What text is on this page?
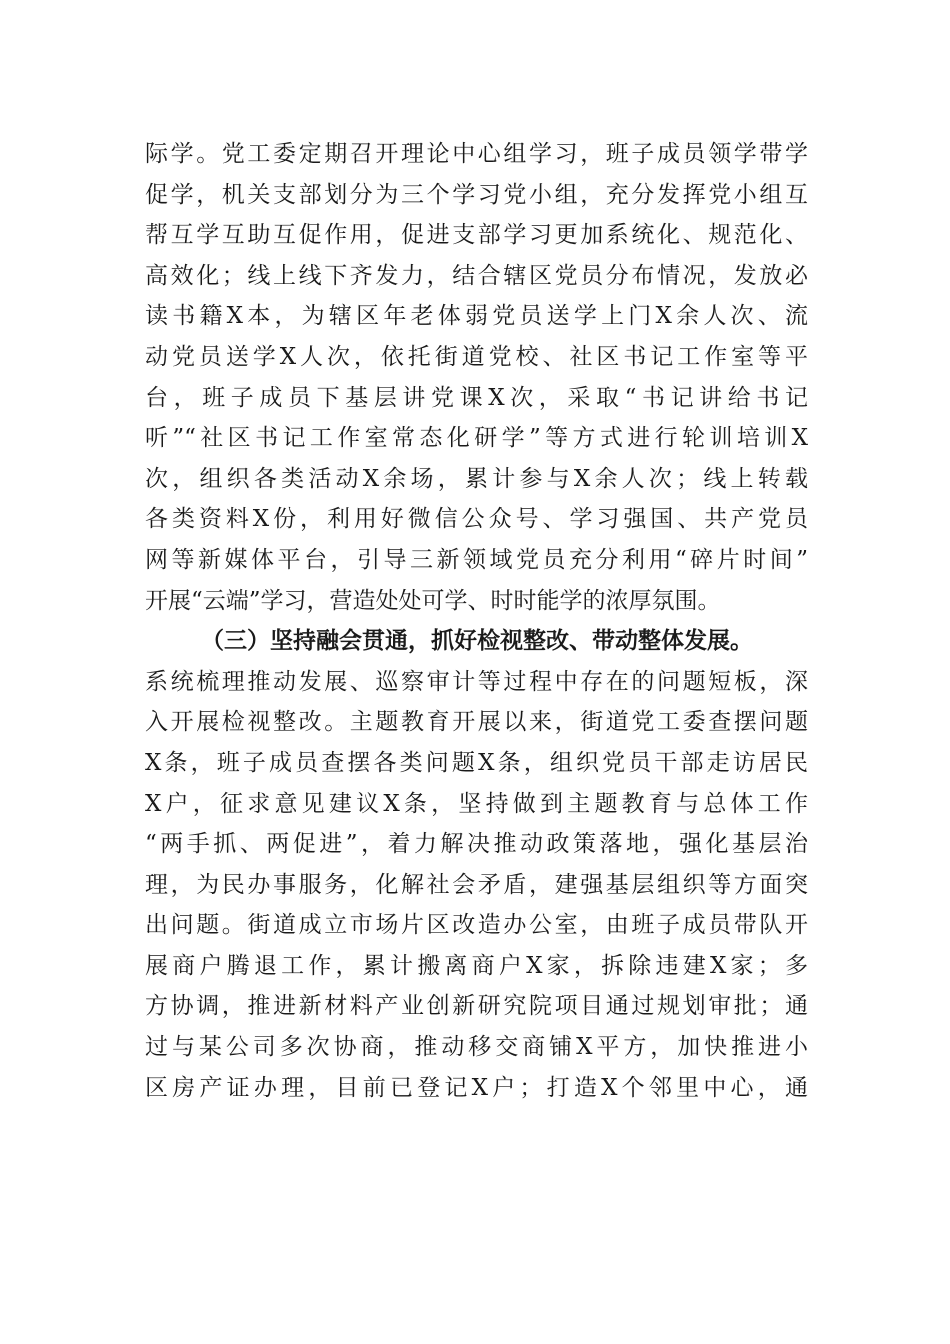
际学。党工委定期召开理论中心组学习，班子成员领学带学
促学，机关支部划分为三个学习党小组，充分发挥党小组互
帮互学互助互促作用，促进支部学习更加系统化、规范化、
高效化；线上线下齐发力，结合辖区党员分布情况，发放必
读书籍X本，为辖区年老体弱党员送学上门X余人次、流
动党员送学X人次，依托街道党校、社区书记工作室等平
台，班子成员下基层讲党课X次，采取“书记讲给书记
听”“社区书记工作室常态化研学”等方式进行轮训培训X
次，组织各类活动X余场，累计参与X余人次；线上转载
各类资料X份，利用好微信公众号、学习强国、共产党员
网等新媒体平台，引导三新领域党员充分利用“碎片时间”
开展“云端”学习，营造处处可学、时时能学的浓厚氛围。
（三）坚持融会贯通，抓好检视整改、带动整体发展。
系统梳理推动发展、巡察审计等过程中存在的问题短板，深
入开展检视整改。主题教育开展以来，街道党工委查摆问题
X条，班子成员查摆各类问题X条，组织党员干部走访居民
X户，征求意见建议X条，坚持做到主题教育与总体工作
“两手抓、两促进”，着力解决推动政策落地，强化基层治
理，为民办事服务，化解社会矛盾，建强基层组织等方面突
出问题。街道成立市场片区改造办公室，由班子成员带队开
展商户腾退工作，累计搬离商户X家，拆除违建X家；多
方协调，推进新材料产业创新研究院项目通过规划审批；通
过与某公司多次协商，推动移交商铺X平方，加快推进小
区房产证办理，目前已登记X户；打造X个邻里中心，通
